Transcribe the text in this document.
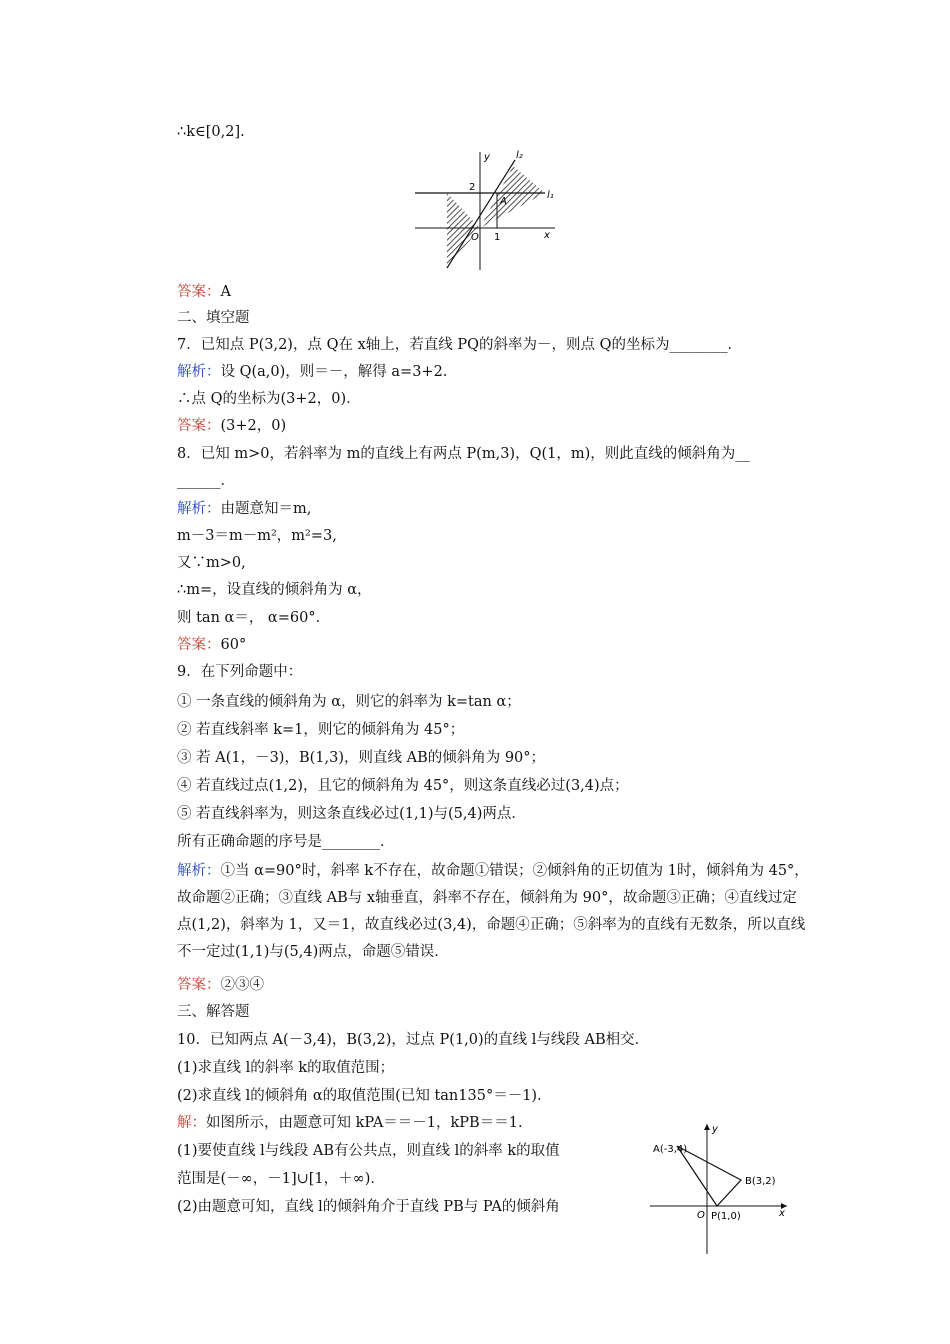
∴k∈[0,2].
y	l₂
2
A
l₁
O 1	x
答案：A
二、填空题
7．已知点 P(3,2)，点 Q在 x轴上，若直线 PQ的斜率为－，则点 Q的坐标为________．
解析：设 Q(a,0)，则＝－，解得 a=3+2.
∴点 Q的坐标为(3+2，0)．
答案：(3+2，0)
8．已知 m>0，若斜率为 m的直线上有两点 P(m,3)，Q(1，m)，则此直线的倾斜角为__
______．
解析：由题意知＝m,
m－3＝m－m²，m²=3,
又∵m>0,
∴m=，设直线的倾斜角为 α，
则 tan α＝， α=60°．
答案：60°
9．在下列命题中：
① 一条直线的倾斜角为 α，则它的斜率为 k=tan α；
② 若直线斜率 k=1，则它的倾斜角为 45°；
③ 若 A(1，－3)，B(1,3)，则直线 AB的倾斜角为 90°；
④ 若直线过点(1,2)，且它的倾斜角为 45°，则这条直线必过(3,4)点；
⑤ 若直线斜率为，则这条直线必过(1,1)与(5,4)两点．
所有正确命题的序号是________．
解析：①当 α=90°时，斜率 k不存在，故命题①错误；②倾斜角的正切值为 1时，倾斜角为 45°，故命题②正确；③直线 AB与 x轴垂直，斜率不存在，倾斜角为 90°，故命题③正确；④直线过定点(1,2)，斜率为 1，又＝1，故直线必过(3,4)，命题④正确；⑤斜率为的直线有无数条，所以直线不一定过(1,1)与(5,4)两点，命题⑤错误．
答案：②③④
三、解答题
10．已知两点 A(－3,4)，B(3,2)，过点 P(1,0)的直线 l与线段 AB相交．
(1)求直线 l的斜率 k的取值范围；
(2)求直线 l的倾斜角 α的取值范围(已知 tan135°＝－1)．
解：如图所示，由题意可知 kPA＝＝－1，kPB＝＝1.
(1)要使直线 l与线段 AB有公共点，则直线 l的斜率 k的取值
范围是(－∞，－1]∪[1，＋∞)．
(2)由题意可知，直线 l的倾斜角介于直线 PB与 PA的倾斜角
A(-3,4)
B(3,2)
O P(1,0)	x
y
